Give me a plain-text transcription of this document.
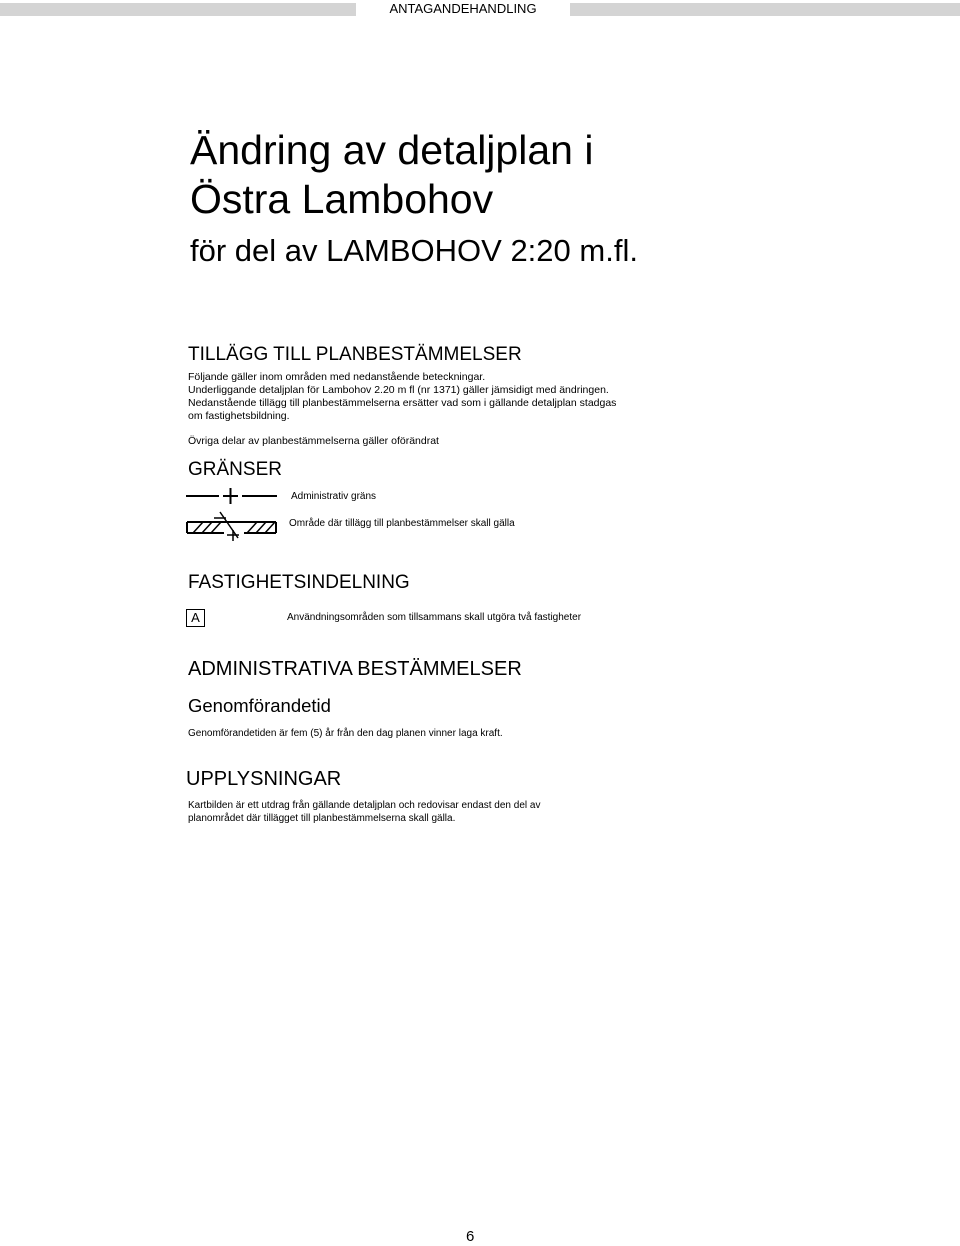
ANTAGANDEHANDLING
Ändring av detaljplan i
Östra Lambohov
för del av LAMBOHOV 2:20 m.fl.
TILLÄGG TILL PLANBESTÄMMELSER
Följande gäller inom områden med nedanstående beteckningar.
Underliggande detaljplan för Lambohov 2.20 m fl (nr 1371) gäller jämsidigt med ändringen.
Nedanstående tillägg till planbestämmelserna ersätter vad som i gällande detaljplan stadgas
om fastighetsbildning.
Övriga delar av planbestämmelserna gäller oförändrat
GRÄNSER
Administrativ gräns
Område där tillägg till planbestämmelser skall gälla
FASTIGHETSINDELNING
A	Användningsområden som tillsammans skall utgöra två fastigheter
ADMINISTRATIVA BESTÄMMELSER
Genomförandetid
Genomförandetiden är fem (5) år från den dag planen vinner laga kraft.
UPPLYSNINGAR
Kartbilden är ett utdrag från gällande detaljplan och redovisar endast den del av
planområdet där tillägget till planbestämmelserna skall gälla.
6
